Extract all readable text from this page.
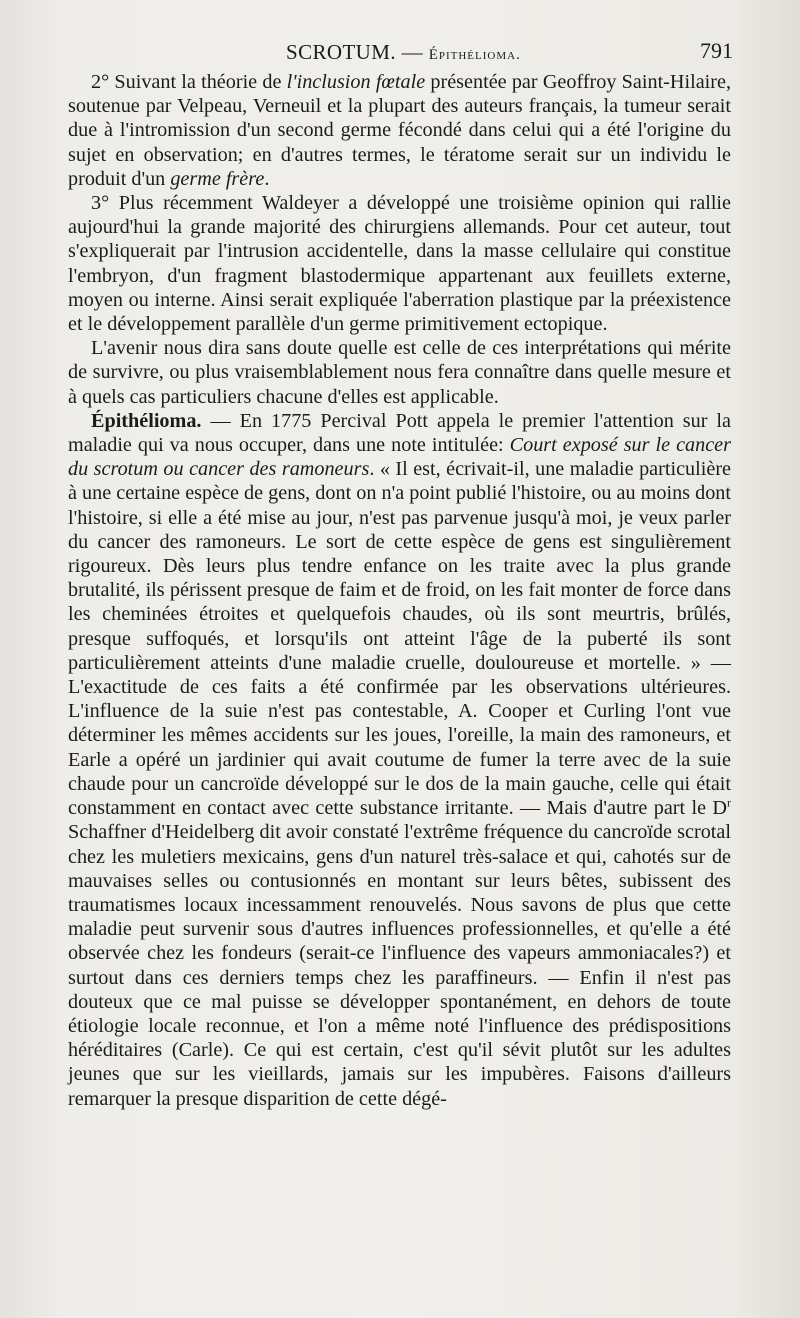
SCROTUM. — Épithélioma.	791

2° Suivant la théorie de l'inclusion fœtale présentée par Geoffroy Saint-Hilaire, soutenue par Velpeau, Verneuil et la plupart des auteurs français, la tumeur serait due à l'intromission d'un second germe fécondé dans celui qui a été l'origine du sujet en observation; en d'autres termes, le tératome serait sur un individu le produit d'un germe frère.

3° Plus récemment Waldeyer a développé une troisième opinion qui rallie aujourd'hui la grande majorité des chirurgiens allemands. Pour cet auteur, tout s'expliquerait par l'intrusion accidentelle, dans la masse cellulaire qui constitue l'embryon, d'un fragment blastodermique appartenant aux feuillets externe, moyen ou interne. Ainsi serait expliquée l'aberration plastique par la préexistence et le développement parallèle d'un germe primitivement ectopique.

L'avenir nous dira sans doute quelle est celle de ces interprétations qui mérite de survivre, ou plus vraisemblablement nous fera connaître dans quelle mesure et à quels cas particuliers chacune d'elles est applicable.

Épithélioma. — En 1775 Percival Pott appela le premier l'attention sur la maladie qui va nous occuper, dans une note intitulée: Court exposé sur le cancer du scrotum ou cancer des ramoneurs. « Il est, écrivait-il, une maladie particulière à une certaine espèce de gens, dont on n'a point publié l'histoire, ou au moins dont l'histoire, si elle a été mise au jour, n'est pas parvenue jusqu'à moi, je veux parler du cancer des ramoneurs. Le sort de cette espèce de gens est singulièrement rigoureux. Dès leurs plus tendre enfance on les traite avec la plus grande brutalité, ils périssent presque de faim et de froid, on les fait monter de force dans les cheminées étroites et quelquefois chaudes, où ils sont meurtris, brûlés, presque suffoqués, et lorsqu'ils ont atteint l'âge de la puberté ils sont particulièrement atteints d'une maladie cruelle, douloureuse et mortelle. » — L'exactitude de ces faits a été confirmée par les observations ultérieures. L'influence de la suie n'est pas contestable, A. Cooper et Curling l'ont vue déterminer les mêmes accidents sur les joues, l'oreille, la main des ramoneurs, et Earle a opéré un jardinier qui avait coutume de fumer la terre avec de la suie chaude pour un cancroïde développé sur le dos de la main gauche, celle qui était constamment en contact avec cette substance irritante. — Mais d'autre part le $D^r$ Schaffner d'Heidelberg dit avoir constaté l'extrême fréquence du cancroïde scrotal chez les muletiers mexicains, gens d'un naturel très-salace et qui, cahotés sur de mauvaises selles ou contusionnés en montant sur leurs bêtes, subissent des traumatismes locaux incessamment renouvelés. Nous savons de plus que cette maladie peut survenir sous d'autres influences professionnelles, et qu'elle a été observée chez les fondeurs (serait-ce l'influence des vapeurs ammoniacales?) et surtout dans ces derniers temps chez les paraffineurs. — Enfin il n'est pas douteux que ce mal puisse se développer spontanément, en dehors de toute étiologie locale reconnue, et l'on a même noté l'influence des prédispositions héréditaires (Carle). Ce qui est certain, c'est qu'il sévit plutôt sur les adultes jeunes que sur les vieillards, jamais sur les impubères. Faisons d'ailleurs remarquer la presque disparition de cette dégé-
